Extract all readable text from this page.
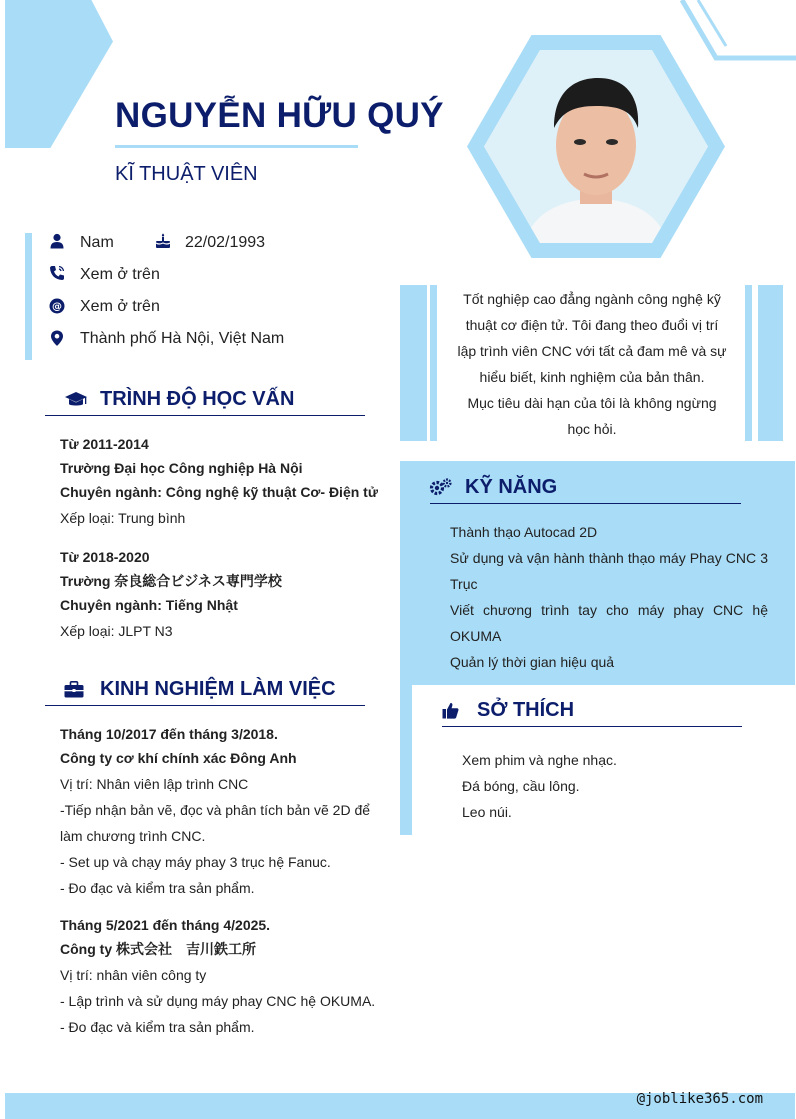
NGUYỄN HỮU QUÝ
KĨ THUẬT VIÊN
Nam	22/02/1993
Xem ở trên
@ Xem ở trên
Thành phố Hà Nội, Việt Nam
TRÌNH ĐỘ HỌC VẤN
Từ 2011-2014
Trường Đại học Công nghiệp Hà Nội
Chuyên ngành: Công nghệ kỹ thuật Cơ- Điện tử
Xếp loại: Trung bình
Từ 2018-2020
Trường 奈良総合ビジネス専門学校
Chuyên ngành: Tiếng Nhật
Xếp loại: JLPT N3
KINH NGHIỆM LÀM VIỆC
Tháng 10/2017 đến tháng 3/2018.
Công ty cơ khí chính xác Đông Anh
Vị trí: Nhân viên lập trình CNC
-Tiếp nhận bản vẽ, đọc và phân tích bản vẽ 2D để
làm chương trình CNC.
- Set up và chạy máy phay 3 trục hệ Fanuc.
- Đo đạc và kiểm tra sản phẩm.
Tháng 5/2021 đến tháng 4/2025.
Công ty 株式会社　吉川鉄工所
Vị trí: nhân viên công ty
- Lập trình và sử dụng máy phay CNC hệ OKUMA.
- Đo đạc và kiểm tra sản phẩm.
Tốt nghiệp cao đẳng ngành công nghệ kỹ
thuật cơ điện tử. Tôi đang theo đuổi vị trí
lập trình viên CNC với tất cả đam mê và sự
hiểu biết, kinh nghiệm của bản thân.
Mục tiêu dài hạn của tôi là không ngừng
học hỏi.
KỸ NĂNG
Thành thạo Autocad 2D
Sử dụng và vận hành thành thạo máy Phay CNC 3 Trục
Viết chương trình tay cho máy phay CNC hệ OKUMA
Quản lý thời gian hiệu quả
SỞ THÍCH
Xem phim và nghe nhạc.
Đá bóng, cầu lông.
Leo núi.
@joblike365.com
